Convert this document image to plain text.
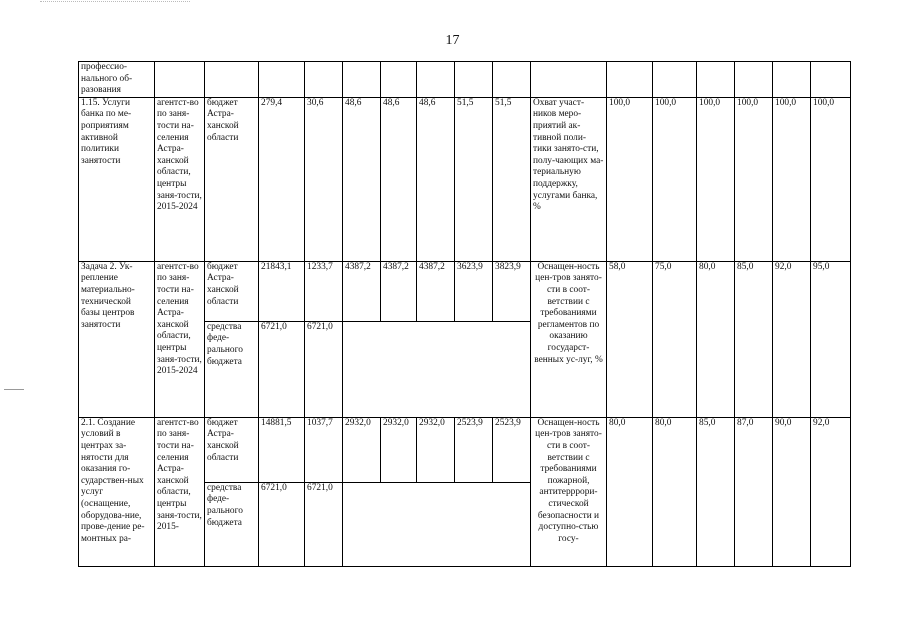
17
профессио-нального об-разования																
1.15. Услуги банка по ме-роприятиям активной политики занятости	агентст-во по заня-тости на-селения Астра-ханской области, центры заня-тости, 2015-2024	бюджет Астра-ханской области	279,4	30,6	48,6	48,6	48,6	51,5	51,5	Охват участ-ников меро-приятий ак-тивной поли-тики занято-сти, полу-чающих ма-териальную поддержку, услугами банка, %	100,0	100,0	100,0	100,0	100,0	100,0
Задача 2. Ук-репление материально-технической базы центров занятости	агентст-во по заня-тости на-селения Астра-ханской области, центры заня-тости, 2015-2024	бюджет Астра-ханской области	21843,1	1233,7	4387,2	4387,2	4387,2	3623,9	3823,9	Оснащен-ность цен-тров занято-сти в соот-ветствии с требованиями регламентов по оказанию государст-венных ус-луг, %	58,0	75,0	80,0	85,0	92,0	95,0
		средства феде-рального бюджета	6721,0	6721,0												
2.1. Создание условий в центрах за-нятости для оказания го-сударствен-ных услуг (оснащение, оборудова-ние, прове-дение ре-монтных ра-	агентст-во по заня-тости на-селения Астра-ханской области, центры заня-тости, 2015-	бюджет Астра-ханской области	14881,5	1037,7	2932,0	2932,0	2932,0	2523,9	2523,9	Оснащен-ность цен-тров занято-сти в соот-ветствии с требованиями пожарной, антитерррори-стической безопасности и доступно-стью госу-	80,0	80,0	85,0	87,0	90,0	92,0
		средства феде-рального бюджета	6721,0	6721,0												
